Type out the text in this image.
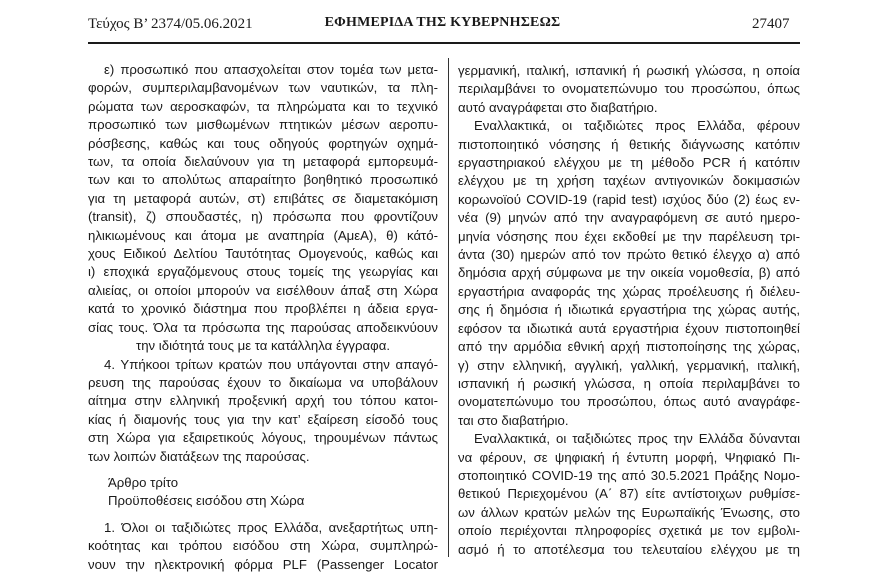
Τεύχος Β’ 2374/05.06.2021	ΕΦΗΜΕΡΙΔΑ ΤΗΣ ΚΥΒΕΡΝΗΣΕΩΣ	27407
ε) προσωπικό που απασχολείται στον τομέα των μετα-
φορών, συμπεριλαμβανομένων των ναυτικών, τα πλη-
ρώματα των αεροσκαφών, τα πληρώματα και το τεχνικό
προσωπικό των μισθωμένων πτητικών μέσων αεροπυ-
ρόσβεσης, καθώς και τους οδηγούς φορτηγών οχημά-
των, τα οποία διελαύνουν για τη μεταφορά εμπορευμά-
των και το απολύτως απαραίτητο βοηθητικό προσωπικό
για τη μεταφορά αυτών, στ) επιβάτες σε διαμετακόμιση
(transit), ζ) σπουδαστές, η) πρόσωπα που φροντίζουν
ηλικιωμένους και άτομα με αναπηρία (ΑμεΑ), θ) κάτό-
χους Ειδικού Δελτίου Ταυτότητας Ομογενούς, καθώς και
ι) εποχικά εργαζόμενους στους τομείς της γεωργίας και
αλιείας, οι οποίοι μπορούν να εισέλθουν άπαξ στη Χώρα
κατά το χρονικό διάστημα που προβλέπει η άδεια εργα-
σίας τους. Όλα τα πρόσωπα της παρούσας αποδεικνύουν
την ιδιότητά τους με τα κατάλληλα έγγραφα.
4. Υπήκοοι τρίτων κρατών που υπάγονται στην απαγό-
ρευση της παρούσας έχουν το δικαίωμα να υποβάλουν
αίτημα στην ελληνική προξενική αρχή του τόπου κατοι-
κίας ή διαμονής τους για την κατ’ εξαίρεση είσοδό τους
στη Χώρα για εξαιρετικούς λόγους, τηρουμένων πάντως
των λοιπών διατάξεων της παρούσας.
Άρθρο τρίτο
Προϋποθέσεις εισόδου στη Χώρα
1. Όλοι οι ταξιδιώτες προς Ελλάδα, ανεξαρτήτως υπη-
κοότητας και τρόπου εισόδου στη Χώρα, συμπληρώ-
νουν την ηλεκτρονική φόρμα PLF (Passenger Locator
γερμανική, ιταλική, ισπανική ή ρωσική γλώσσα, η οποία
περιλαμβάνει το ονοματεπώνυμο του προσώπου, όπως
αυτό αναγράφεται στο διαβατήριο.
Εναλλακτικά, οι ταξιδιώτες προς Ελλάδα, φέρουν
πιστοποιητικό νόσησης ή θετικής διάγνωσης κατόπιν
εργαστηριακού ελέγχου με τη μέθοδο PCR ή κατόπιν
ελέγχου με τη χρήση ταχέων αντιγονικών δοκιμασιών
κορωνοϊού COVID-19 (rapid test) ισχύος δύο (2) έως εν-
νέα (9) μηνών από την αναγραφόμενη σε αυτό ημερο-
μηνία νόσησης που έχει εκδοθεί με την παρέλευση τρι-
άντα (30) ημερών από τον πρώτο θετικό έλεγχο α) από
δημόσια αρχή σύμφωνα με την οικεία νομοθεσία, β) από
εργαστήρια αναφοράς της χώρας προέλευσης ή διέλευ-
σης ή δημόσια ή ιδιωτικά εργαστήρια της χώρας αυτής,
εφόσον τα ιδιωτικά αυτά εργαστήρια έχουν πιστοποιηθεί
από την αρμόδια εθνική αρχή πιστοποίησης της χώρας,
γ) στην ελληνική, αγγλική, γαλλική, γερμανική, ιταλική,
ισπανική ή ρωσική γλώσσα, η οποία περιλαμβάνει το
ονοματεπώνυμο του προσώπου, όπως αυτό αναγράφε-
ται στο διαβατήριο.
Εναλλακτικά, οι ταξιδιώτες προς την Ελλάδα δύνανται
να φέρουν, σε ψηφιακή ή έντυπη μορφή, Ψηφιακό Πι-
στοποιητικό COVID-19 της από 30.5.2021 Πράξης Νομο-
θετικού Περιεχομένου (Α΄ 87) είτε αντίστοιχων ρυθμίσε-
ων άλλων κρατών μελών της Ευρωπαϊκής Ένωσης, στο
οποίο περιέχονται πληροφορίες σχετικά με τον εμβολι-
ασμό ή το αποτέλεσμα του τελευταίου ελέγχου με τη
